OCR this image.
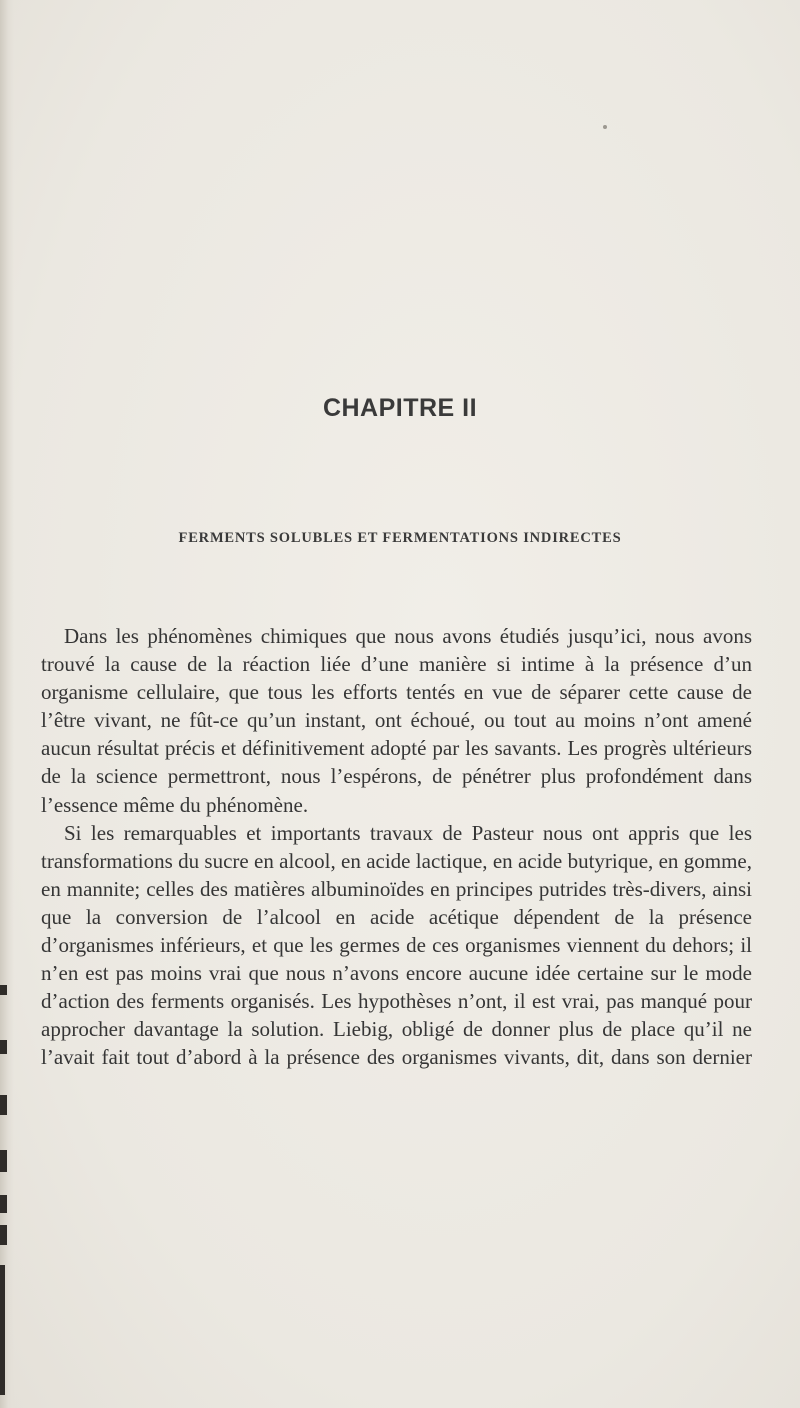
CHAPITRE II
FERMENTS SOLUBLES ET FERMENTATIONS INDIRECTES

Dans les phénomènes chimiques que nous avons étudiés jusqu’ici, nous avons trouvé la cause de la réaction liée d’une manière si intime à la présence d’un organisme cellulaire, que tous les efforts tentés en vue de séparer cette cause de l’être vivant, ne fût-ce qu’un instant, ont échoué, ou tout au moins n’ont amené aucun résultat précis et définitivement adopté par les savants. Les progrès ultérieurs de la science permettront, nous l’espérons, de pénétrer plus profondément dans l’essence même du phénomène.

Si les remarquables et importants travaux de Pasteur nous ont appris que les transformations du sucre en alcool, en acide lactique, en acide butyrique, en gomme, en mannite; celles des matières albuminoïdes en principes putrides très-divers, ainsi que la conversion de l’alcool en acide acétique dépendent de la présence d’organismes inférieurs, et que les germes de ces organismes viennent du dehors; il n’en est pas moins vrai que nous n’avons encore aucune idée certaine sur le mode d’action des ferments organisés. Les hypothèses n’ont, il est vrai, pas manqué pour approcher davantage la solution. Liebig, obligé de donner plus de place qu’il ne l’avait fait tout d’abord à la présence des organismes vivants, dit, dans son dernier
